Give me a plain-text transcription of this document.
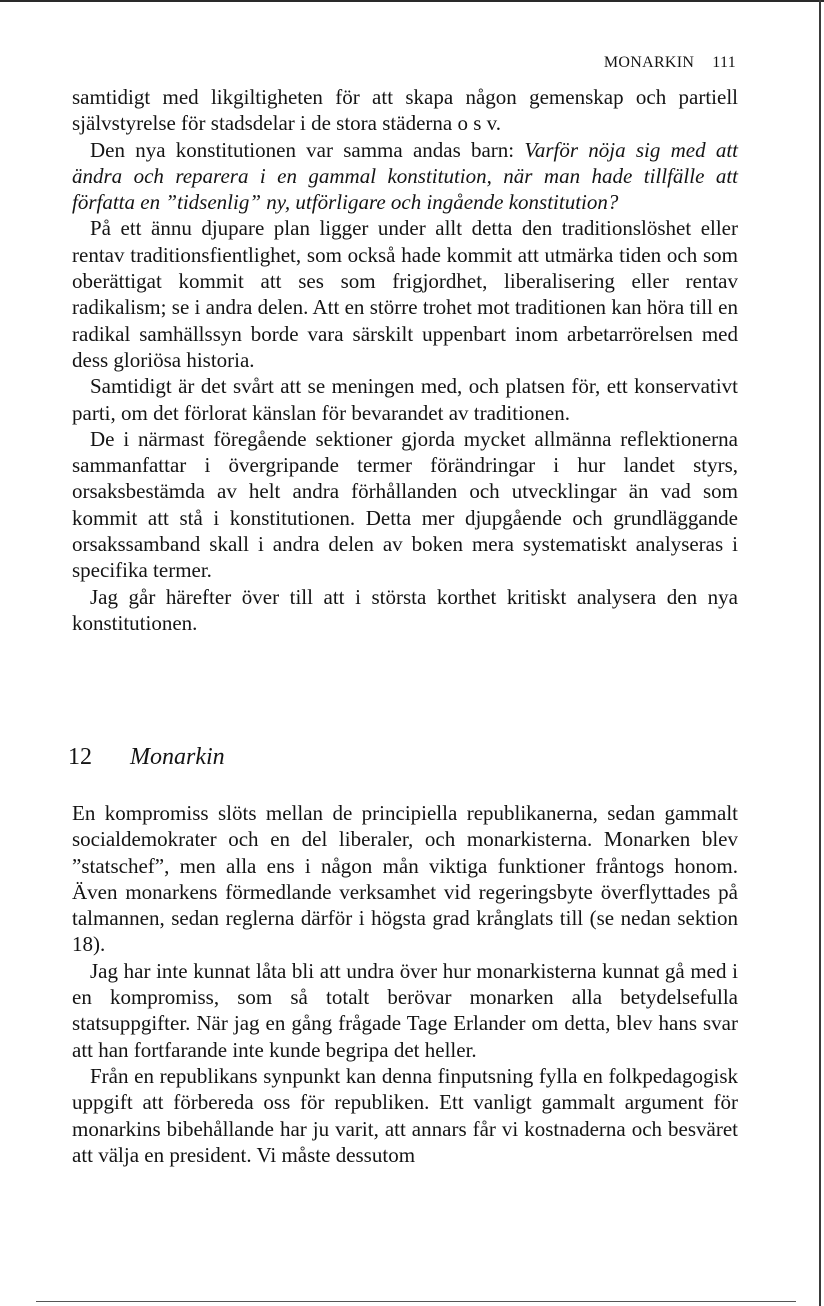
MONARKIN 111

samtidigt med likgiltigheten för att skapa någon gemenskap och partiell självstyrelse för stadsdelar i de stora städerna o s v.

Den nya konstitutionen var samma andas barn: Varför nöja sig med att ändra och reparera i en gammal konstitution, när man hade tillfälle att författa en ”tidsenlig” ny, utförligare och ingående konstitution?

På ett ännu djupare plan ligger under allt detta den traditionslöshet eller rentav traditionsfientlighet, som också hade kommit att utmärka tiden och som oberättigat kommit att ses som frigjordhet, liberalisering eller rentav radikalism; se i andra delen. Att en större trohet mot traditionen kan höra till en radikal samhällssyn borde vara särskilt uppenbart inom arbetarrörelsen med dess gloriösa historia.

Samtidigt är det svårt att se meningen med, och platsen för, ett konservativt parti, om det förlorat känslan för bevarandet av traditionen.

De i närmast föregående sektioner gjorda mycket allmänna reflektionerna sammanfattar i övergripande termer förändringar i hur landet styrs, orsaksbestämda av helt andra förhållanden och utvecklingar än vad som kommit att stå i konstitutionen. Detta mer djupgående och grundläggande orsakssamband skall i andra delen av boken mera systematiskt analyseras i specifika termer.

Jag går härefter över till att i största korthet kritiskt analysera den nya konstitutionen.

12 Monarkin

En kompromiss slöts mellan de principiella republikanerna, sedan gammalt socialdemokrater och en del liberaler, och monarkisterna. Monarken blev ”statschef”, men alla ens i någon mån viktiga funktioner fråntogs honom. Även monarkens förmedlande verksamhet vid regeringsbyte överflyttades på talmannen, sedan reglerna därför i högsta grad krånglats till (se nedan sektion 18).

Jag har inte kunnat låta bli att undra över hur monarkisterna kunnat gå med i en kompromiss, som så totalt berövar monarken alla betydelsefulla statsuppgifter. När jag en gång frågade Tage Erlander om detta, blev hans svar att han fortfarande inte kunde begripa det heller.

Från en republikans synpunkt kan denna finputsning fylla en folkpedagogisk uppgift att förbereda oss för republiken. Ett vanligt gammalt argument för monarkins bibehållande har ju varit, att annars får vi kostnaderna och besväret att välja en president. Vi måste dessutom
